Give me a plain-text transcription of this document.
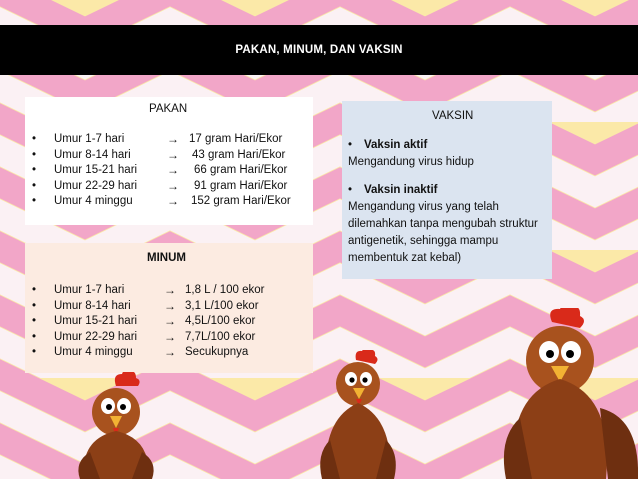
PAKAN, MINUM, DAN VAKSIN
PAKAN
• Umur 1-7 hari	→ 17 gram Hari/Ekor
• Umur 8-14 hari	→ 43 gram Hari/Ekor
• Umur 15-21 hari → 66 gram Hari/Ekor
• Umur 22-29 hari → 91 gram Hari/Ekor
• Umur 4 minggu	→ 152 gram Hari/Ekor
MINUM
• Umur 1-7 hari	→ 1,8 L / 100 ekor
• Umur 8-14 hari	→ 3,1 L/100 ekor
• Umur 15-21 hari → 4,5L/100 ekor
• Umur 22-29 hari → 7,7L/100 ekor
• Umur 4 minggu	→ Secukupnya
VAKSIN
• Vaksin aktif
Mengandung virus hidup
• Vaksin inaktif
Mengandung virus yang telah dilemahkan tanpa mengubah struktur antigenetik, sehingga mampu membentuk zat kebal)
